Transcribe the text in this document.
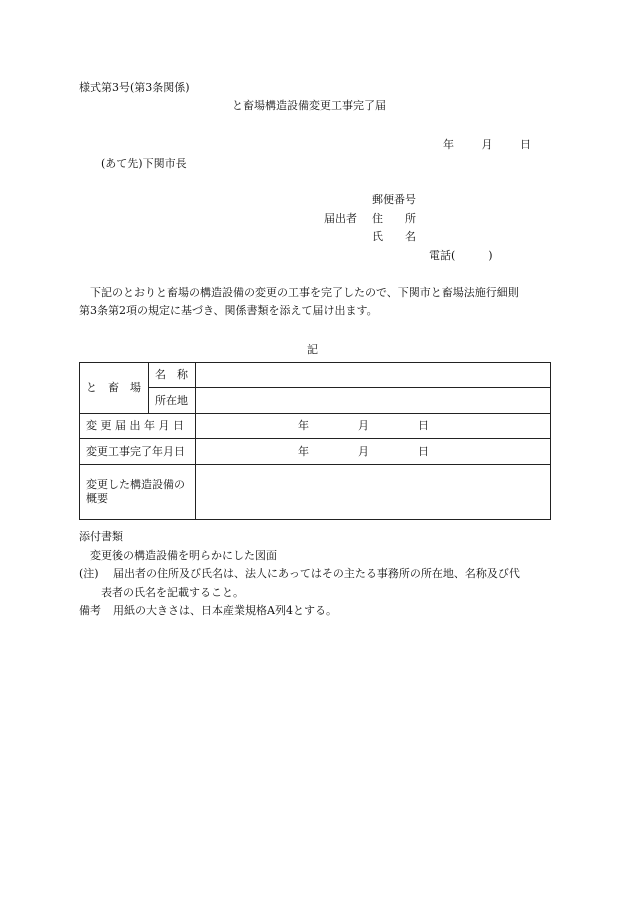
様式第3号(第3条関係)
と畜場構造設備変更工事完了届
年	月	日
(あて先)下関市長
郵便番号
届出者 住　　所
氏　　名
電話(　　　)
下記のとおりと畜場の構造設備の変更の工事を完了したので、下関市と畜場法施行細則
第3条第2項の規定に基づき、関係書類を添えて届け出ます。
記
と　畜　場	名　称	
	所在地	
変 更 届 出 年 月 日		年 月 日

変更工事完了年月日		年 月 日

変更した構造設備の
概要		

添付書類
変更後の構造設備を明らかにした図面
(注) 届出者の住所及び氏名は、法人にあってはその主たる事務所の所在地、名称及び代
表者の氏名を記載すること。
備考 用紙の大きさは、日本産業規格A列4とする。
